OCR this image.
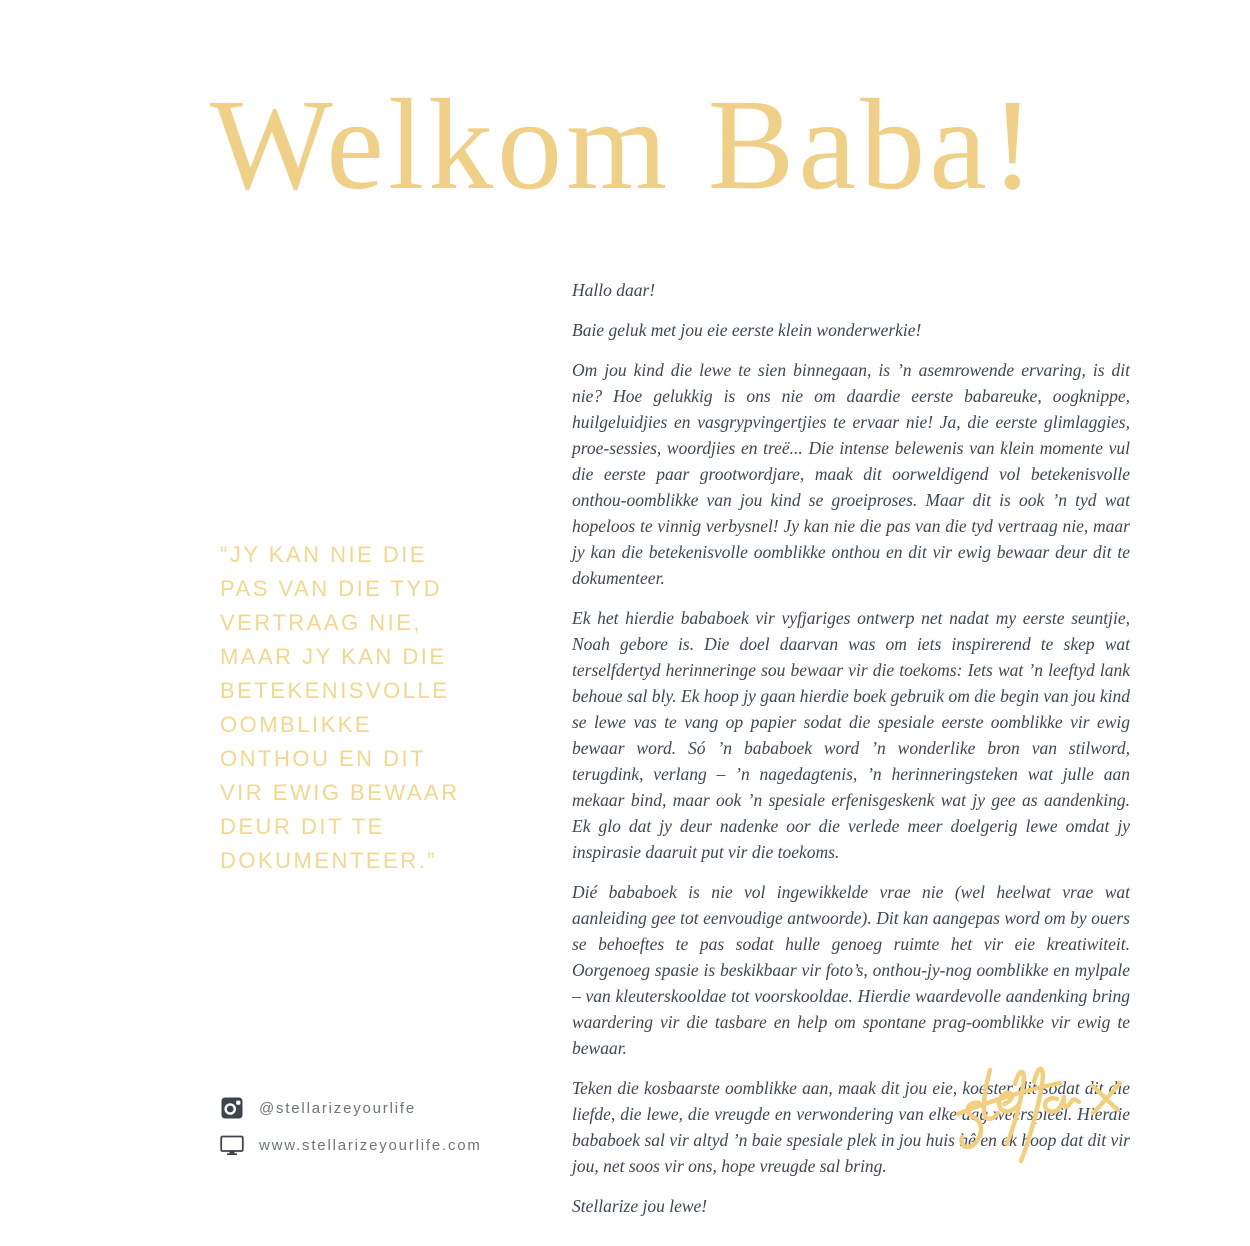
Welkom Baba!
“JY KAN NIE DIE
PAS VAN DIE TYD
VERTRAAG NIE,
MAAR JY KAN DIE
BETEKENISVOLLE
OOMBLIKKE
ONTHOU EN DIT
VIR EWIG BEWAAR
DEUR DIT TE
DOKUMENTEER.”

Hallo daar!

Baie geluk met jou eie eerste klein wonderwerkie!

Om jou kind die lewe te sien binnegaan, is ’n asemrowende ervaring, is dit nie? Hoe gelukkig is ons nie om daardie eerste babareuke, oogknippe, huilgeluidjies en vasgrypvingertjies te ervaar nie! Ja, die eerste glimlaggies, proe-sessies, woordjies en treë... Die intense belewenis van klein momente vul die eerste paar grootwordjare, maak dit oorweldigend vol betekenisvolle onthou-oomblikke van jou kind se groeiproses. Maar dit is ook ’n tyd wat hopeloos te vinnig verbysnel! Jy kan nie die pas van die tyd vertraag nie, maar jy kan die betekenisvolle oomblikke onthou en dit vir ewig bewaar deur dit te dokumenteer.

Ek het hierdie bababoek vir vyfjariges ontwerp net nadat my eerste seuntjie, Noah gebore is. Die doel daarvan was om iets inspirerend te skep wat terselfdertyd herinneringe sou bewaar vir die toekoms: Iets wat ’n leeftyd lank behoue sal bly. Ek hoop jy gaan hierdie boek gebruik om die begin van jou kind se lewe vas te vang op papier sodat die spesiale eerste oomblikke vir ewig bewaar word. Só ’n bababoek word ’n wonderlike bron van stilword, terugdink, verlang – ’n nagedagtenis, ’n herinneringsteken wat julle aan mekaar bind, maar ook ’n spesiale erfenisgeskenk wat jy gee as aandenking. Ek glo dat jy deur nadenke oor die verlede meer doelgerig lewe omdat jy inspirasie daaruit put vir die toekoms.

Dié bababoek is nie vol ingewikkelde vrae nie (wel heelwat vrae wat aanleiding gee tot eenvoudige antwoorde). Dit kan aangepas word om by ouers se behoeftes te pas sodat hulle genoeg ruimte het vir eie kreatiwiteit. Oorgenoeg spasie is beskikbaar vir foto’s, onthou-jy-nog oomblikke en mylpale – van kleuterskooldae tot voorskooldae. Hierdie waardevolle aandenking bring waardering vir die tasbare en help om spontane prag-oomblikke vir ewig te bewaar.

Teken die kosbaarste oomblikke aan, maak dit jou eie, koester dit sodat dit die liefde, die lewe, die vreugde en verwondering van elke dag weerspieël. Hierdie bababoek sal vir altyd ’n baie spesiale plek in jou huis hê en ek hoop dat dit vir jou, net soos vir ons, hope vreugde sal bring.

Stellarize jou lewe!

@stellarizeyourlife
www.stellarizeyourlife.com
